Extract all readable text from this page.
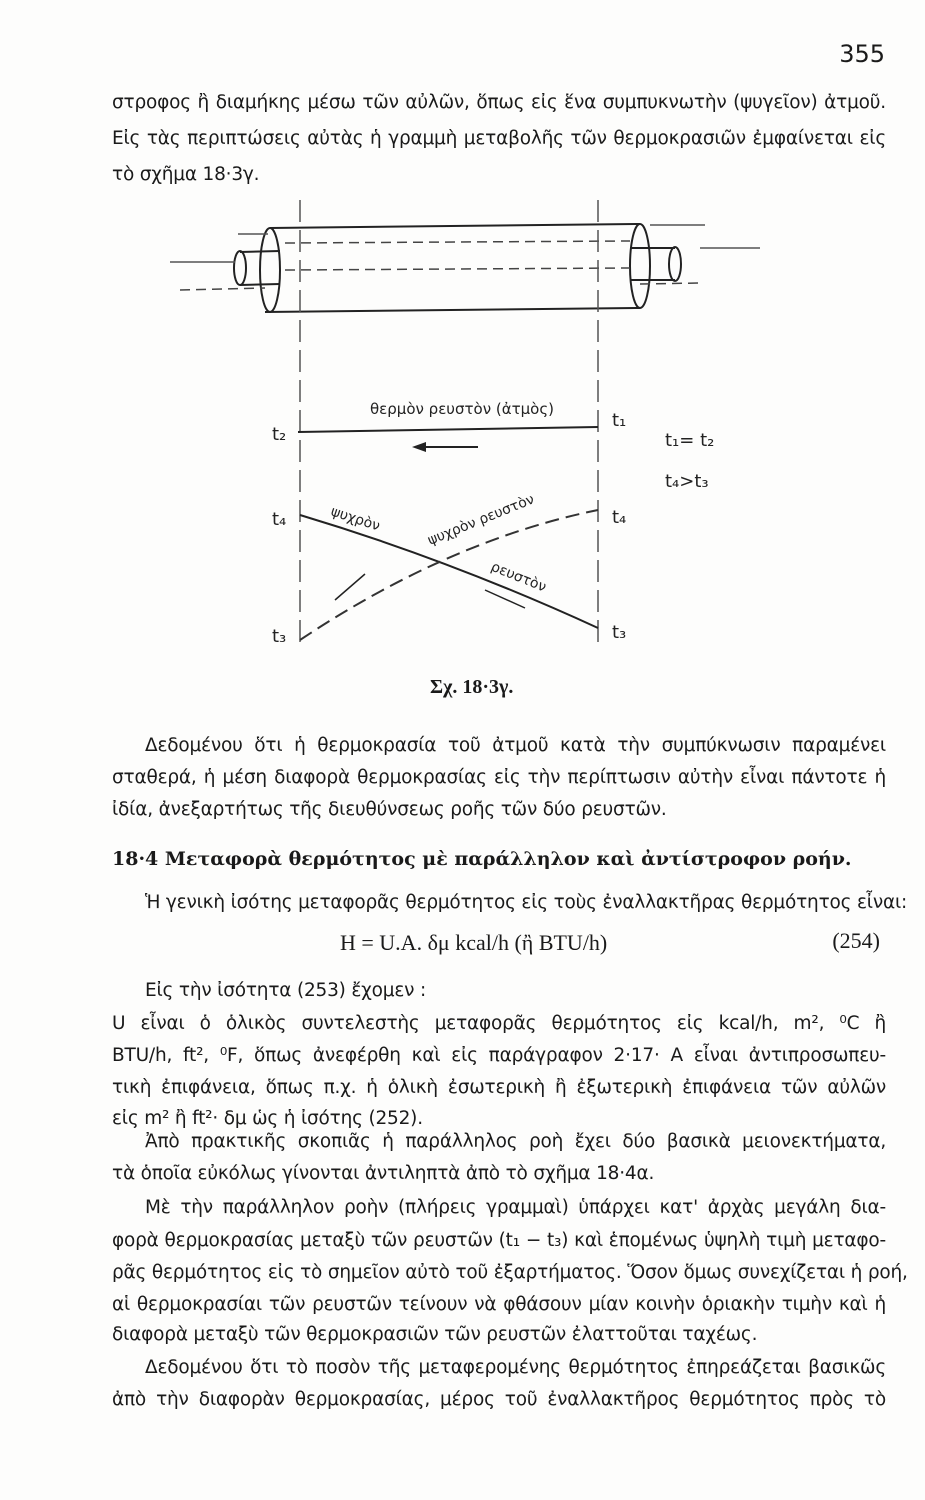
355
στροφος ἢ διαμήκης μέσω τῶν αὐλῶν, ὅπως εἰς ἕνα συμπυκνωτὴν (ψυγεῖον) ἀτμοῦ.
Εἰς τὰς περιπτώσεις αὐτὰς ἡ γραμμὴ μεταβολῆς τῶν θερμοκρασιῶν ἐμφαίνεται εἰς
τὸ σχῆμα 18·3γ.
θερμὸν ρευστὸν (ἀτμὸς)
ψυχρὸν	ψυχρὸν ρευστὸν
ρευστὸν
t₂
t₁
t₄	t₄
t₃	t₃
t₁= t₂
t₄>t₃
Σχ. 18·3γ.
Δεδομένου ὅτι ἡ θερμοκρασία τοῦ ἀτμοῦ κατὰ τὴν συμπύκνωσιν παραμένει
σταθερά, ἡ μέση διαφορὰ θερμοκρασίας εἰς τὴν περίπτωσιν αὐτὴν εἶναι πάντοτε ἡ
ἰδία, ἀνεξαρτήτως τῆς διευθύνσεως ροῆς τῶν δύο ρευστῶν.
18·4 Μεταφορὰ θερμότητος μὲ παράλληλον καὶ ἀντίστροφον ροήν.
Ἡ γενικὴ ἰσότης μεταφορᾶς θερμότητος εἰς τοὺς ἐναλλακτῆρας θερμότητος εἶναι:
H = U.A. δμ kcal/h (ἢ BTU/h)	(254)
Εἰς τὴν ἰσότητα (253) ἔχομεν :
U εἶναι ὁ ὁλικὸς συντελεστὴς μεταφορᾶς θερμότητος εἰς kcal/h, m², ⁰C ἢ
BTU/h, ft², ⁰F, ὅπως ἀνεφέρθη καὶ εἰς παράγραφον 2·17· A εἶναι ἀντιπροσωπευ-
τικὴ ἐπιφάνεια, ὅπως π.χ. ἡ ὁλικὴ ἐσωτερικὴ ἢ ἐξωτερικὴ ἐπιφάνεια τῶν αὐλῶν
εἰς m² ἢ ft²· δμ ὡς ἡ ἰσότης (252).
Ἀπὸ πρακτικῆς σκοπιᾶς ἡ παράλληλος ροὴ ἔχει δύο βασικὰ μειονεκτήματα,
τὰ ὁποῖα εὐκόλως γίνονται ἀντιληπτὰ ἀπὸ τὸ σχῆμα 18·4α.
Μὲ τὴν παράλληλον ροὴν (πλήρεις γραμμαὶ) ὑπάρχει κατ' ἀρχὰς μεγάλη δια-
φορὰ θερμοκρασίας μεταξὺ τῶν ρευστῶν (t₁ − t₃) καὶ ἑπομένως ὑψηλὴ τιμὴ μεταφο-
ρᾶς θερμότητος εἰς τὸ σημεῖον αὐτὸ τοῦ ἐξαρτήματος. Ὅσον ὅμως συνεχίζεται ἡ ροή,
αἱ θερμοκρασίαι τῶν ρευστῶν τείνουν νὰ φθάσουν μίαν κοινὴν ὁριακὴν τιμὴν καὶ ἡ
διαφορὰ μεταξὺ τῶν θερμοκρασιῶν τῶν ρευστῶν ἐλαττοῦται ταχέως.
Δεδομένου ὅτι τὸ ποσὸν τῆς μεταφερομένης θερμότητος ἐπηρεάζεται βασικῶς
ἀπὸ τὴν διαφορὰν θερμοκρασίας, μέρος τοῦ ἐναλλακτῆρος θερμότητος πρὸς τὸ
